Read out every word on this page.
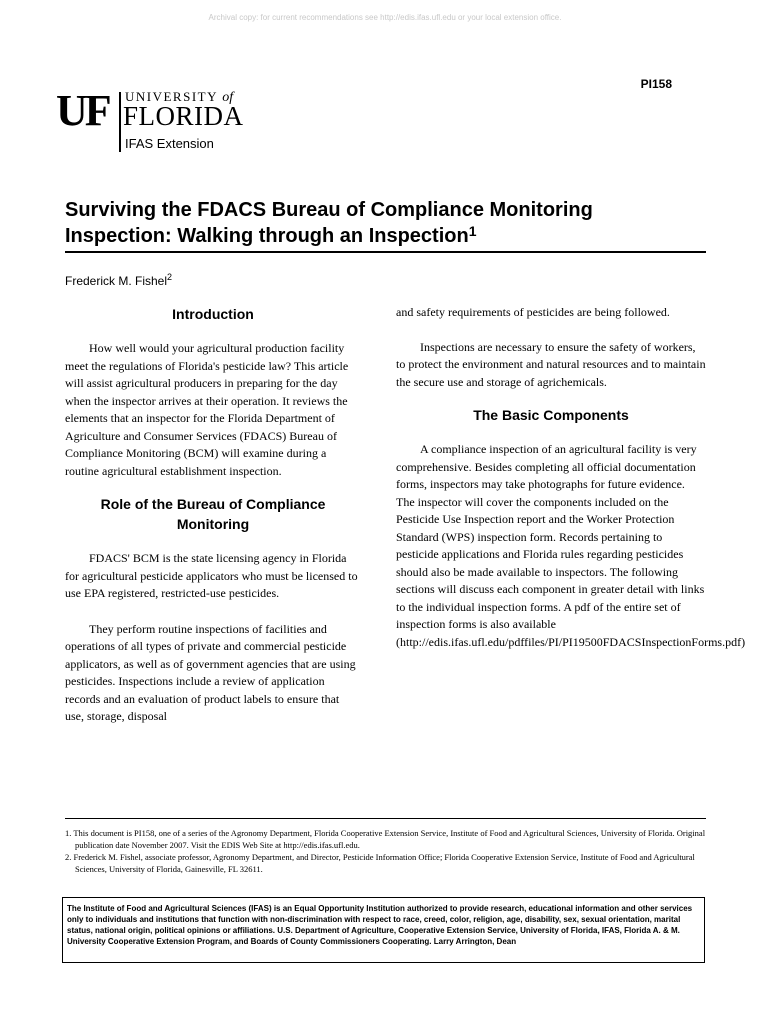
Archival copy: for current recommendations see http://edis.ifas.ufl.edu or your local extension office.
PI158
UF UNIVERSITY of
FLORIDA
IFAS Extension
Surviving the FDACS Bureau of Compliance Monitoring Inspection: Walking through an Inspection$^1$
Frederick M. Fishel$^2$
Introduction

How well would your agricultural production facility meet the regulations of Florida's pesticide law? This article will assist agricultural producers in preparing for the day when the inspector arrives at their operation. It reviews the elements that an inspector for the Florida Department of Agriculture and Consumer Services (FDACS) Bureau of Compliance Monitoring (BCM) will examine during a routine agricultural establishment inspection.

Role of the Bureau of Compliance Monitoring

FDACS' BCM is the state licensing agency in Florida for agricultural pesticide applicators who must be licensed to use EPA registered, restricted-use pesticides.

They perform routine inspections of facilities and operations of all types of private and commercial pesticide applicators, as well as of government agencies that are using pesticides. Inspections include a review of application records and an evaluation of product labels to ensure that use, storage, disposal

and safety requirements of pesticides are being followed.

Inspections are necessary to ensure the safety of workers, to protect the environment and natural resources and to maintain the secure use and storage of agrichemicals.

The Basic Components

A compliance inspection of an agricultural facility is very comprehensive. Besides completing all official documentation forms, inspectors may take photographs for future evidence. The inspector will cover the components included on the Pesticide Use Inspection report and the Worker Protection Standard (WPS) inspection form. Records pertaining to pesticide applications and Florida rules regarding pesticides should also be made available to inspectors. The following sections will discuss each component in greater detail with links to the individual inspection forms. A pdf of the entire set of inspection forms is also available (http://edis.ifas.ufl.edu/pdffiles/PI/PI19500FDACSInspectionForms.pdf)

1. This document is PI158, one of a series of the Agronomy Department, Florida Cooperative Extension Service, Institute of Food and Agricultural Sciences, University of Florida. Original publication date November 2007. Visit the EDIS Web Site at http://edis.ifas.ufl.edu.

2. Frederick M. Fishel, associate professor, Agronomy Department, and Director, Pesticide Information Office; Florida Cooperative Extension Service, Institute of Food and Agricultural Sciences, University of Florida, Gainesville, FL 32611.

The Institute of Food and Agricultural Sciences (IFAS) is an Equal Opportunity Institution authorized to provide research, educational information and other services only to individuals and institutions that function with non-discrimination with respect to race, creed, color, religion, age, disability, sex, sexual orientation, marital status, national origin, political opinions or affiliations. U.S. Department of Agriculture, Cooperative Extension Service, University of Florida, IFAS, Florida A. & M. University Cooperative Extension Program, and Boards of County Commissioners Cooperating. Larry Arrington, Dean
